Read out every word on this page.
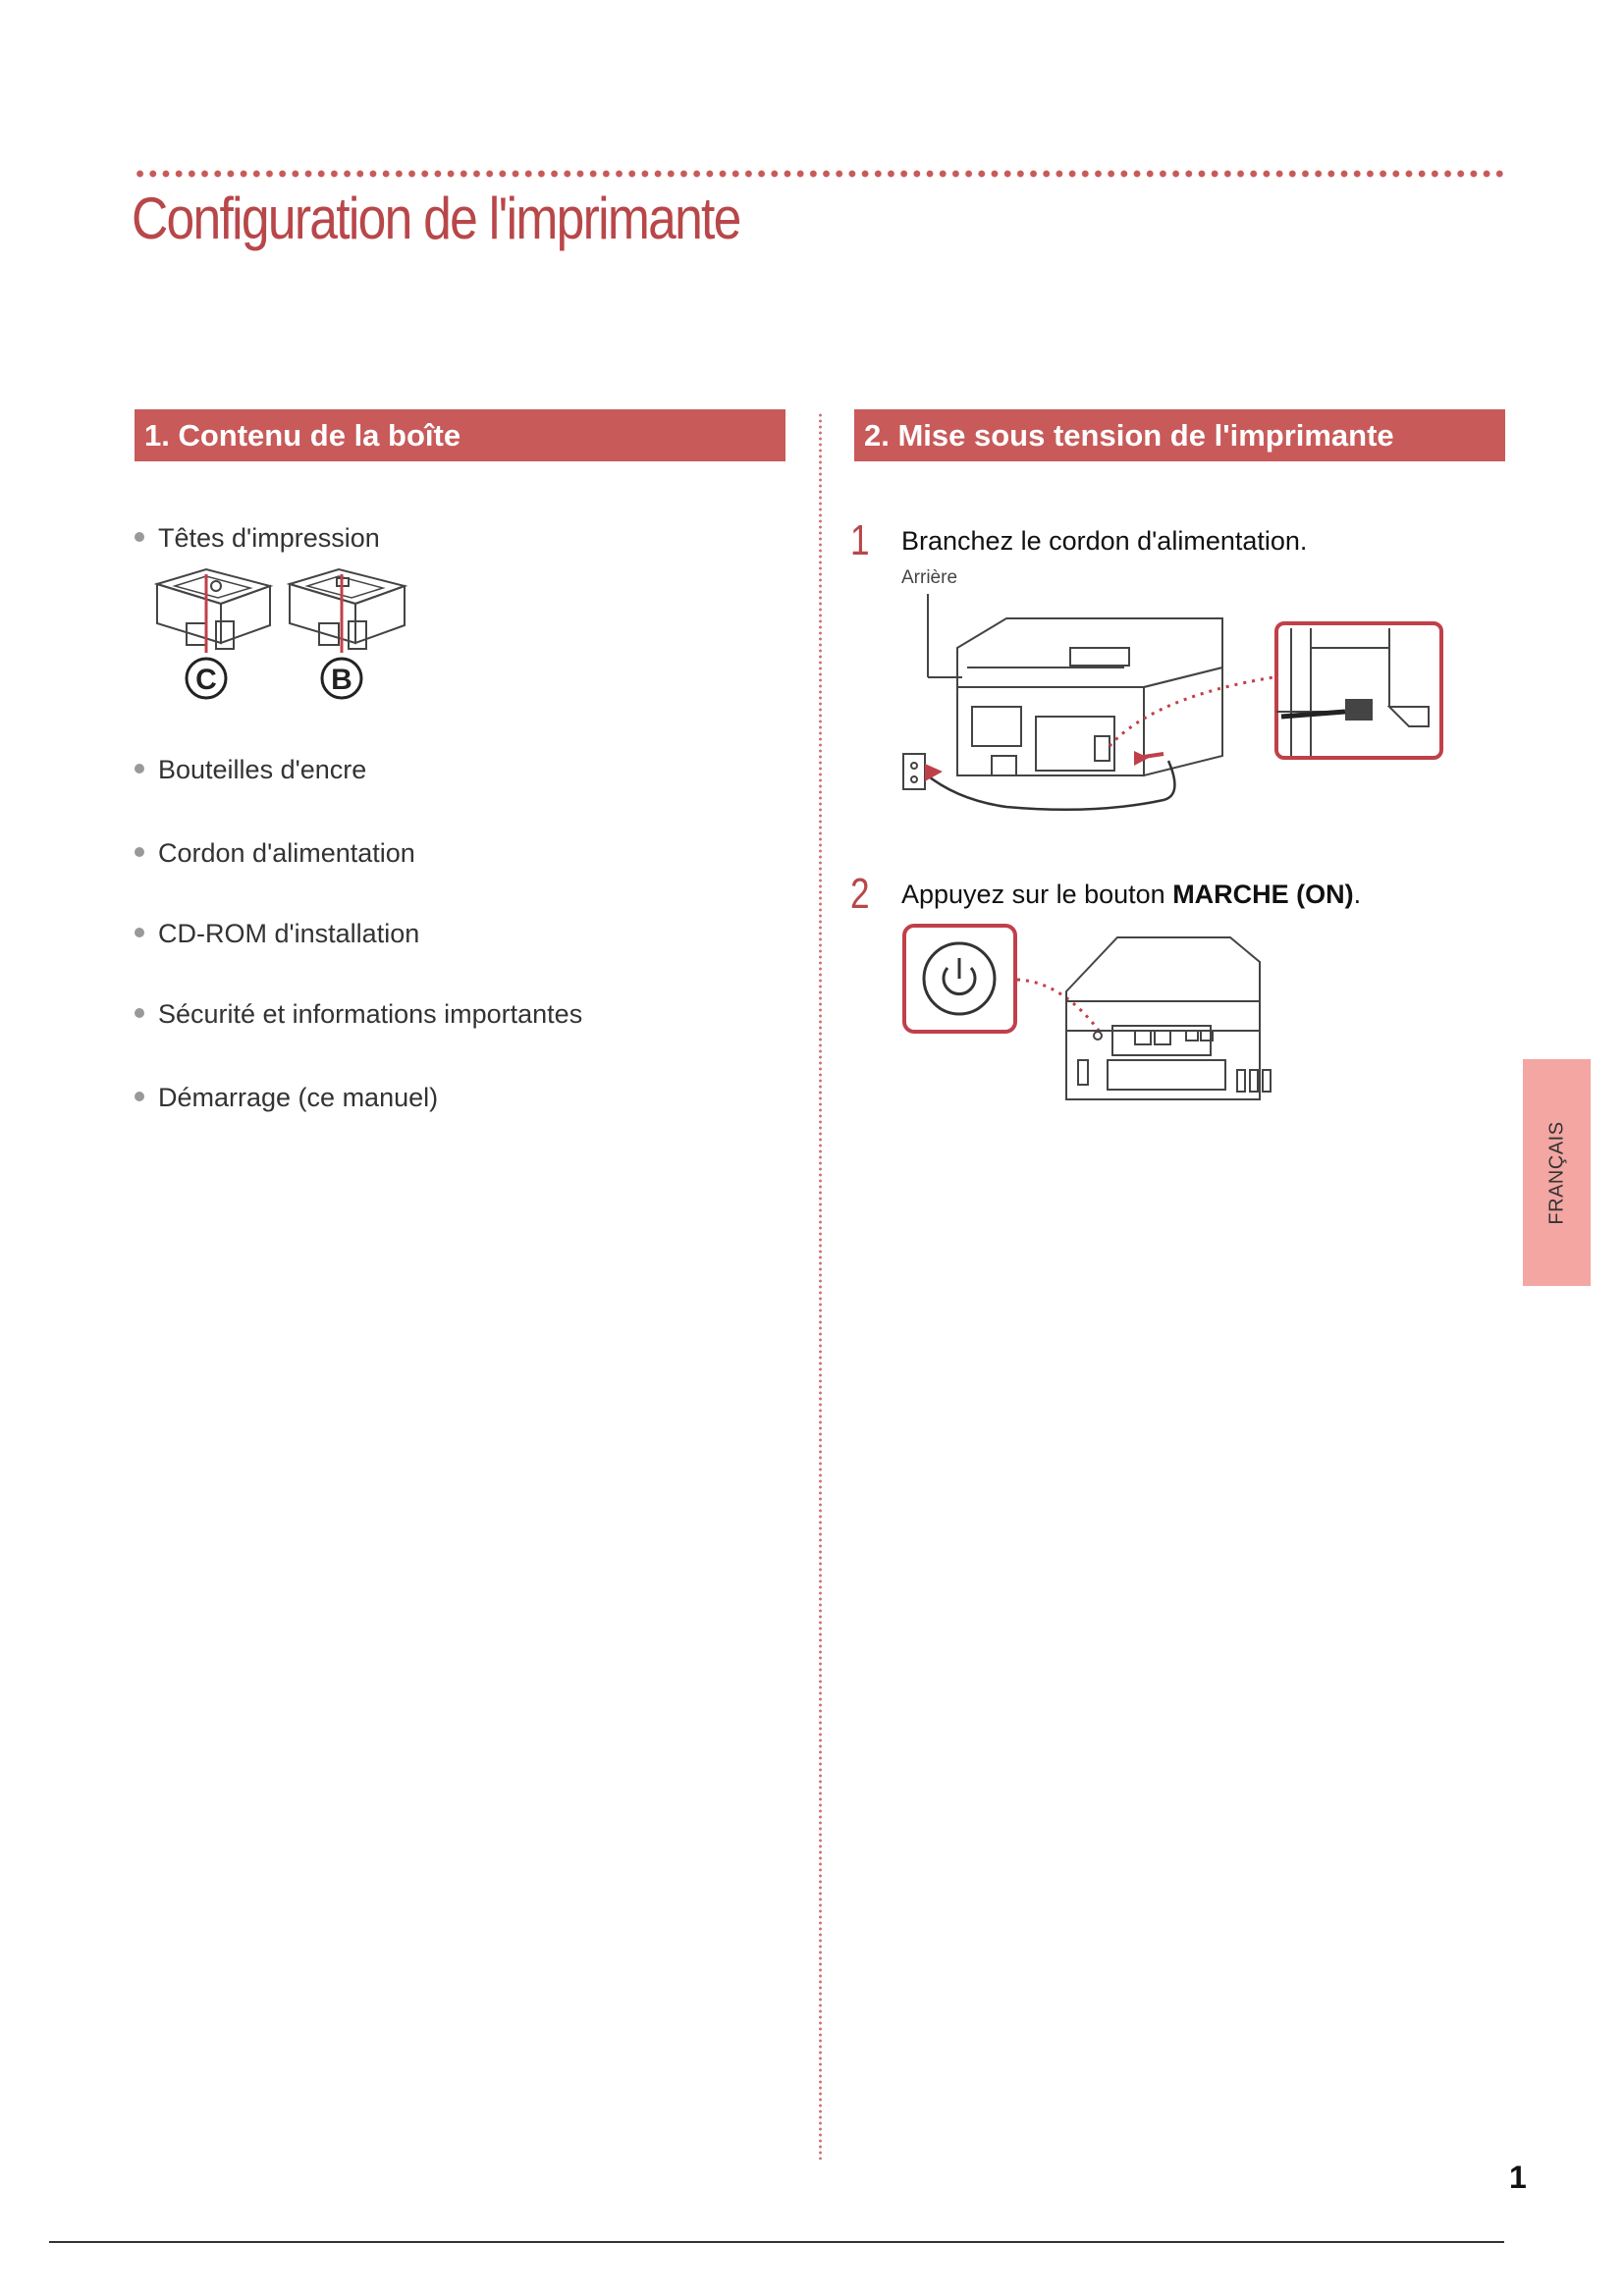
Configuration de l'imprimante
1. Contenu de la boîte	2. Mise sous tension de l'imprimante
Têtes d'impression
C	B
Bouteilles d'encre
Cordon d'alimentation
CD-ROM d'installation
Sécurité et informations importantes
Démarrage (ce manuel)
1 Branchez le cordon d'alimentation.
Arrière
2 Appuyez sur le bouton MARCHE (ON).
FRANÇAIS
1
